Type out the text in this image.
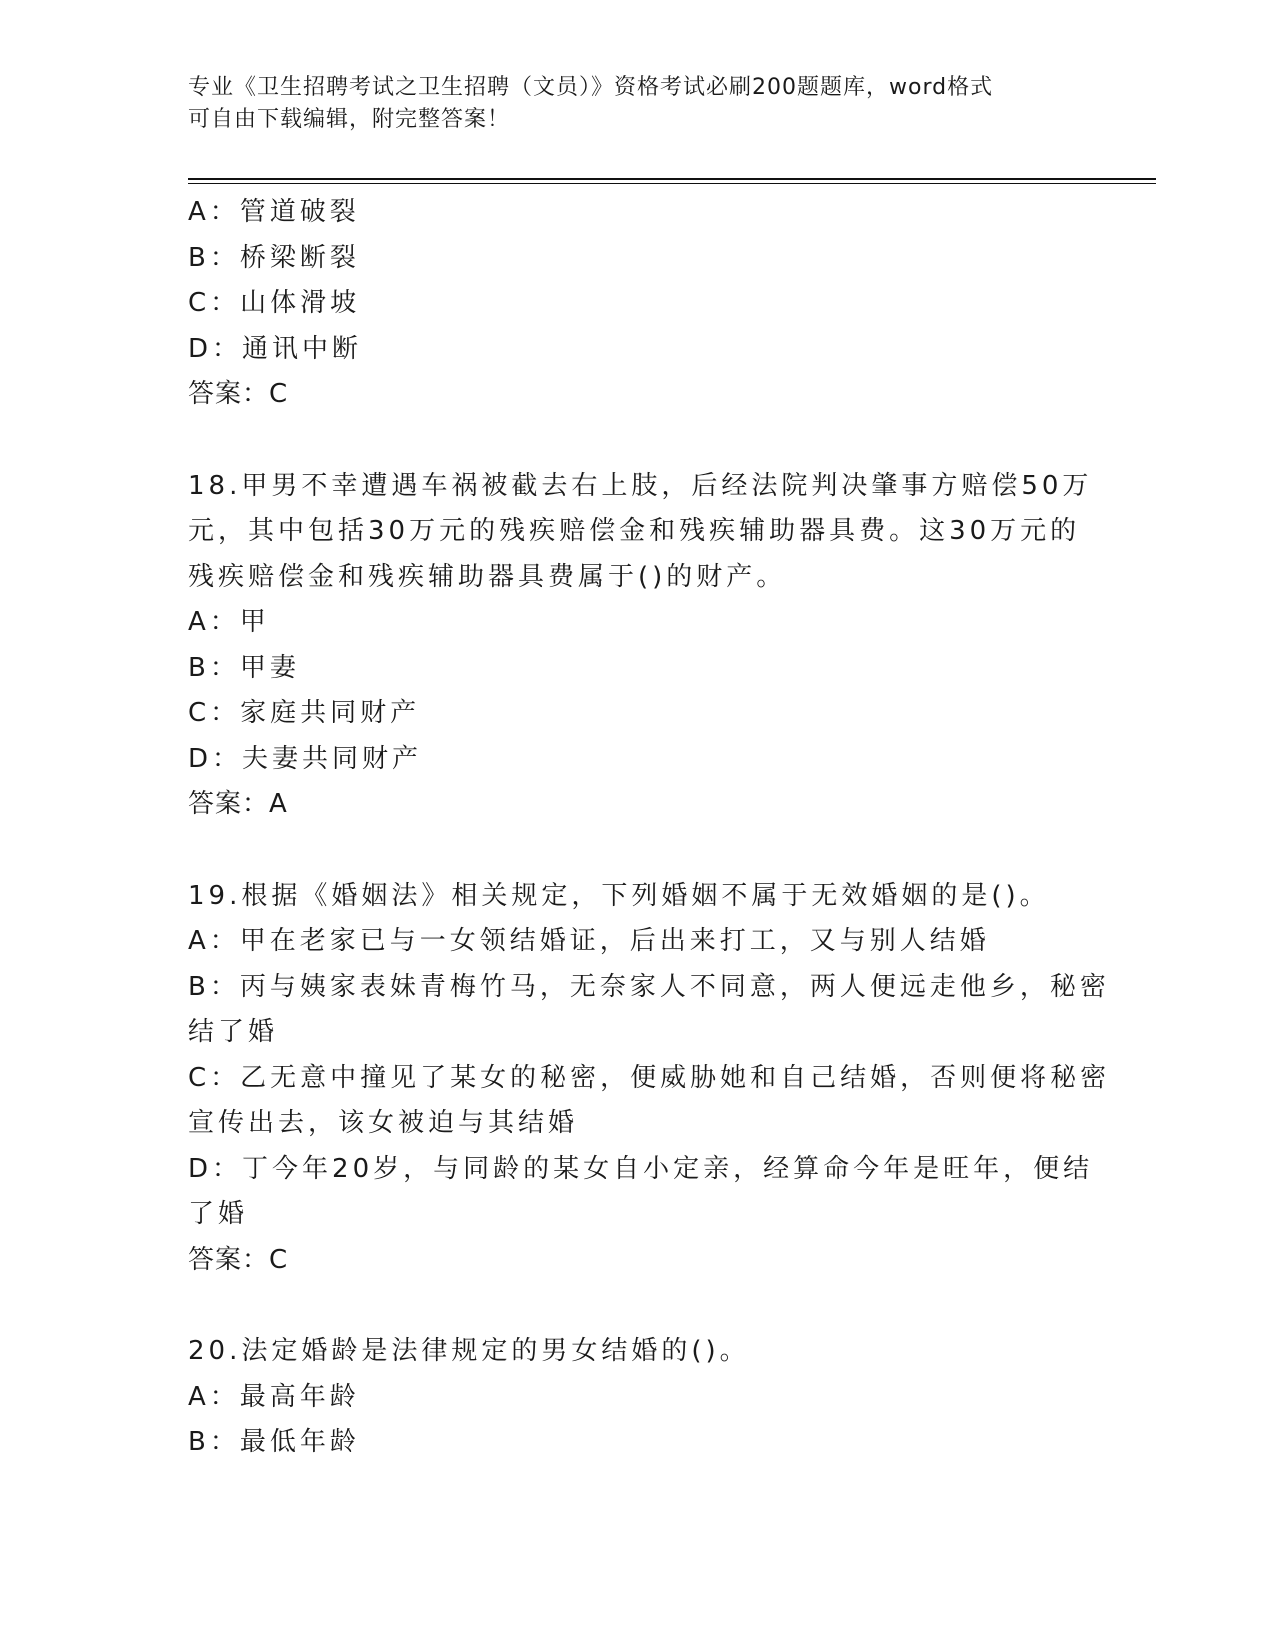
专业《卫生招聘考试之卫生招聘（文员）》资格考试必刷200题题库，word格式
可自由下载编辑，附完整答案！
A：管道破裂
B：桥梁断裂
C：山体滑坡
D：通讯中断
答案：C
18.甲男不幸遭遇车祸被截去右上肢，后经法院判决肇事方赔偿50万
元，其中包括30万元的残疾赔偿金和残疾辅助器具费。这30万元的
残疾赔偿金和残疾辅助器具费属于()的财产。
A：甲
B：甲妻
C：家庭共同财产
D：夫妻共同财产
答案：A
19.根据《婚姻法》相关规定，下列婚姻不属于无效婚姻的是()。
A：甲在老家已与一女领结婚证，后出来打工，又与别人结婚
B：丙与姨家表妹青梅竹马，无奈家人不同意，两人便远走他乡，秘密
结了婚
C：乙无意中撞见了某女的秘密，便威胁她和自己结婚，否则便将秘密
宣传出去，该女被迫与其结婚
D：丁今年20岁，与同龄的某女自小定亲，经算命今年是旺年，便结
了婚
答案：C
20.法定婚龄是法律规定的男女结婚的()。
A：最高年龄
B：最低年龄
